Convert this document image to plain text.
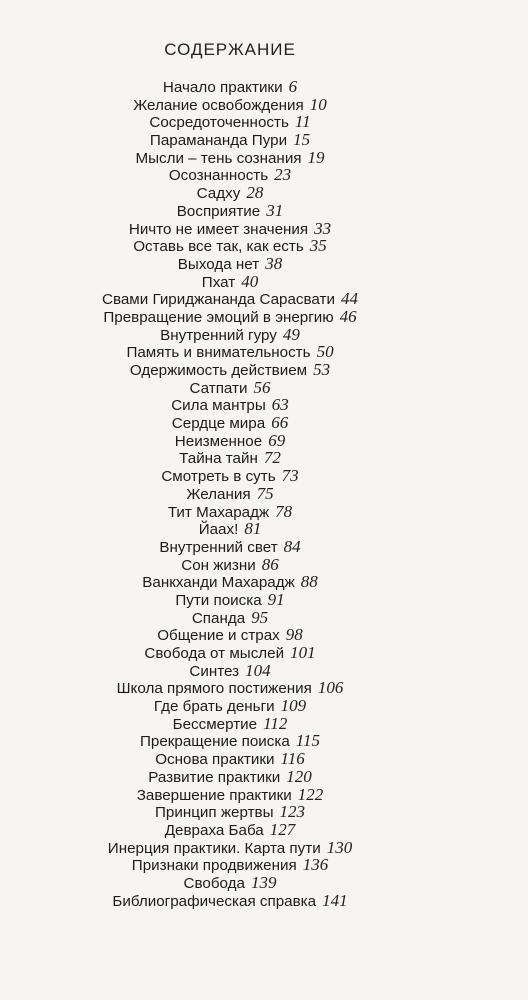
СОДЕРЖАНИЕ
Начало практики 6
Желание освобождения 10
Сосредоточенность 11
Парамананда Пури 15
Мысли – тень сознания 19
Осознанность 23
Садху 28
Восприятие 31
Ничто не имеет значения 33
Оставь все так, как есть 35
Выхода нет 38
Пхат 40
Свами Гириджананда Сарасвати 44
Превращение эмоций в энергию 46
Внутренний гуру 49
Память и внимательность 50
Одержимость действием 53
Сатпати 56
Сила мантры 63
Сердце мира 66
Неизменное 69
Тайна тайн 72
Смотреть в суть 73
Желания 75
Тит Махарадж 78
Йаах! 81
Внутренний свет 84
Сон жизни 86
Ванкханди Махарадж 88
Пути поиска 91
Спанда 95
Общение и страх 98
Свобода от мыслей 101
Синтез 104
Школа прямого постижения 106
Где брать деньги 109
Бессмертие 112
Прекращение поиска 115
Основа практики 116
Развитие практики 120
Завершение практики 122
Принцип жертвы 123
Девраха Баба 127
Инерция практики. Карта пути 130
Признаки продвижения 136
Свобода 139
Библиографическая справка 141
